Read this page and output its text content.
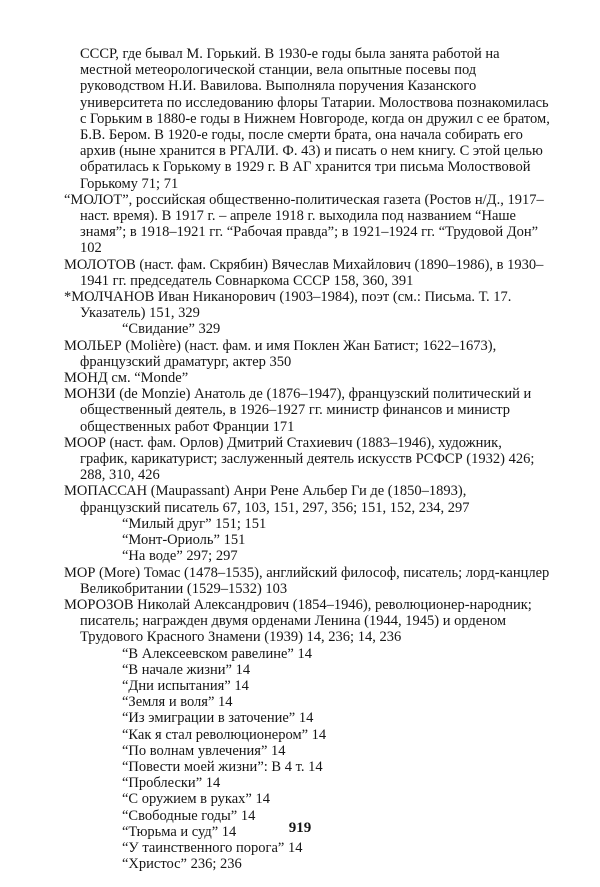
СССР, где бывал М. Горький. В 1930-е годы была занята работой на местной метеорологической станции, вела опытные посевы под руководством Н.И. Вавилова. Выполняла поручения Казанского университета по исследованию флоры Татарии. Молоствова познакомилась с Горьким в 1880-е годы в Нижнем Новгороде, когда он дружил с ее братом, Б.В. Бером. В 1920-е годы, после смерти брата, она начала собирать его архив (ныне хранится в РГАЛИ. Ф. 43) и писать о нем книгу. С этой целью обратилась к Горькому в 1929 г. В АГ хранится три письма Молоствовой Горькому 71; 71

“МОЛОТ”, российская общественно-политическая газета (Ростов н/Д., 1917–наст. время). В 1917 г. – апреле 1918 г. выходила под названием “Наше знамя”; в 1918–1921 гг. “Рабочая правда”; в 1921–1924 гг. “Трудовой Дон” 102

МОЛОТОВ (наст. фам. Скрябин) Вячеслав Михайлович (1890–1986), в 1930–1941 гг. председатель Совнаркома СССР 158, 360, 391

*МОЛЧАНОВ Иван Никанорович (1903–1984), поэт (см.: Письма. Т. 17. Указатель) 151, 329

“Свидание” 329

МОЛЬЕР (Molière) (наст. фам. и имя Поклен Жан Батист; 1622–1673), французский драматург, актер 350

МОНД см. “Monde”

МОНЗИ (de Monzie) Анатоль де (1876–1947), французский политический и общественный деятель, в 1926–1927 гг. министр финансов и министр общественных работ Франции 171

МООР (наст. фам. Орлов) Дмитрий Стахиевич (1883–1946), художник, график, карикатурист; заслуженный деятель искусств РСФСР (1932) 426; 288, 310, 426

МОПАССАН (Maupassant) Анри Рене Альбер Ги де (1850–1893), французский писатель 67, 103, 151, 297, 356; 151, 152, 234, 297

“Милый друг” 151; 151

“Монт-Ориоль” 151

“На воде” 297; 297

МОР (More) Томас (1478–1535), английский философ, писатель; лорд-канцлер Великобритании (1529–1532) 103

МОРОЗОВ Николай Александрович (1854–1946), революционер-народник; писатель; награжден двумя орденами Ленина (1944, 1945) и орденом Трудового Красного Знамени (1939) 14, 236; 14, 236

“В Алексеевском равелине” 14

“В начале жизни” 14

“Дни испытания” 14

“Земля и воля” 14

“Из эмиграции в заточение” 14

“Как я стал революционером” 14

“По волнам увлечения” 14

“Повести моей жизни”: В 4 т. 14

“Проблески” 14

“С оружием в руках” 14

“Свободные годы” 14

“Тюрьма и суд” 14

“У таинственного порога” 14

“Христос” 236; 236

919
